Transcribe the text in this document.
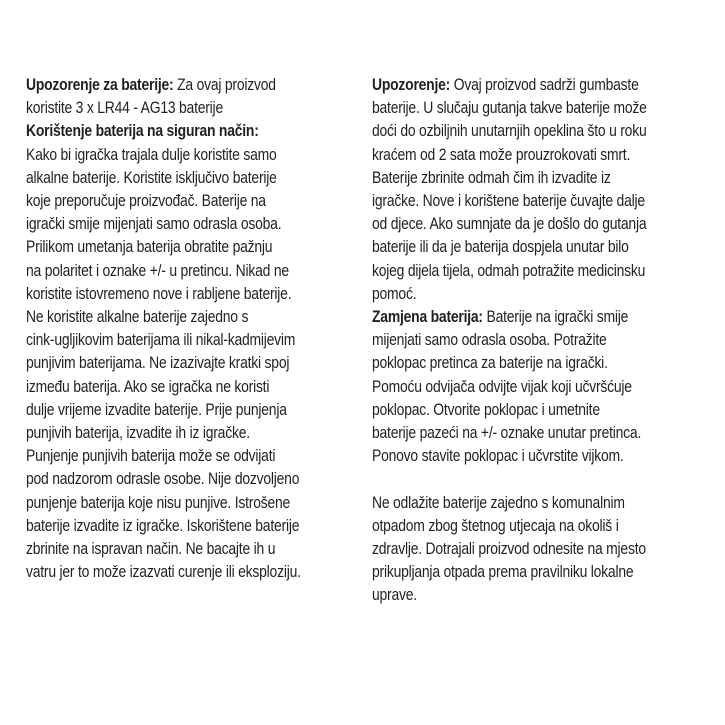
Upozorenje za baterije: Za ovaj proizvod
koristite 3 x LR44 - AG13 baterije
Korištenje baterija na siguran način:
Kako bi igračka trajala dulje koristite samo
alkalne baterije. Koristite isključivo baterije
koje preporučuje proizvođač. Baterije na
igrački smije mijenjati samo odrasla osoba.
Prilikom umetanja baterija obratite pažnju
na polaritet i oznake +/- u pretincu. Nikad ne
koristite istovremeno nove i rabljene baterije.
Ne koristite alkalne baterije zajedno s
cink-ugljikovim baterijama ili nikal-kadmijevim
punjivim baterijama. Ne izazivajte kratki spoj
između baterija. Ako se igračka ne koristi
dulje vrijeme izvadite baterije. Prije punjenja
punjivih baterija, izvadite ih iz igračke.
Punjenje punjivih baterija može se odvijati
pod nadzorom odrasle osobe. Nije dozvoljeno
punjenje baterija koje nisu punjive. Istrošene
baterije izvadite iz igračke. Iskorištene baterije
zbrinite na ispravan način. Ne bacajte ih u
vatru jer to može izazvati curenje ili eksploziju.
Upozorenje: Ovaj proizvod sadrži gumbaste
baterije. U slučaju gutanja takve baterije može
doći do ozbiljnih unutarnjih opeklina što u roku
kraćem od 2 sata može prouzrokovati smrt.
Baterije zbrinite odmah čim ih izvadite iz
igračke. Nove i korištene baterije čuvajte dalje
od djece. Ako sumnjate da je došlo do gutanja
baterije ili da je baterija dospjela unutar bilo
kojeg dijela tijela, odmah potražite medicinsku
pomoć.
Zamjena baterija: Baterije na igrački smije
mijenjati samo odrasla osoba. Potražite
poklopac pretinca za baterije na igrački.
Pomoću odvijača odvijte vijak koji učvršćuje
poklopac. Otvorite poklopac i umetnite
baterije pazeći na +/- oznake unutar pretinca.
Ponovo stavite poklopac i učvrstite vijkom.
Ne odlažite baterije zajedno s komunalnim
otpadom zbog štetnog utjecaja na okoliš i
zdravlje. Dotrajali proizvod odnesite na mjesto
prikupljanja otpada prema pravilniku lokalne
uprave.
